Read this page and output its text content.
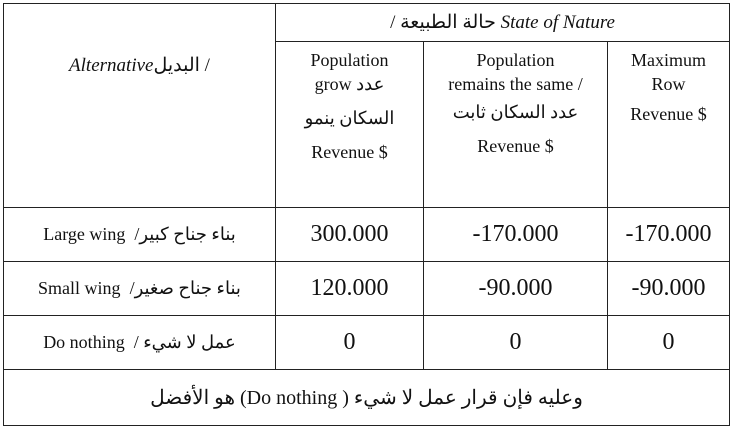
Alternative/ البديل	حالة الطبيعة / State of Nature		

	Population
grow عدد
السكان ينمو
Revenue $	Population
remains the same /
عدد السكان ثابت
Revenue $	Maximum
Row
Revenue $

Large wing بناء جناح كبير/	300.000	-170.000	-170.000
Small wing بناء جناح صغير/	120.000	-90.000	-90.000
Do nothing عمل لا شيء /	0	0	0
وعليه فإن قرار عمل لا شيء ( Do nothing) هو الأفضل			
